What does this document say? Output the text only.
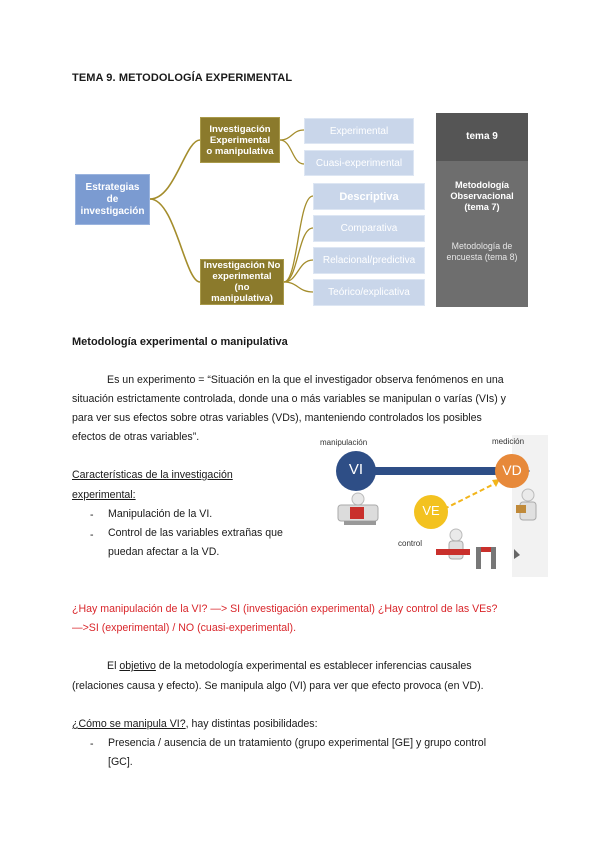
TEMA 9. METODOLOGÍA EXPERIMENTAL
Estrategias
de
investigación
Investigación
Experimental
o manipulativa
Investigación No
experimental
(no
manipulativa)
Experimental
Cuasi-experimental
Descriptiva
Comparativa
Relacional/predictiva
Teórico/explicativa
tema 9
Metodología
Observacional
(tema 7)
Metodología de
encuesta (tema 8)
Metodología experimental o manipulativa
Es un experimento = “Situación en la que el investigador observa fenómenos en una
situación estrictamente controlada, donde una o más variables se manipulan o varías (VIs) y
para ver sus efectos sobre otras variables (VDs), manteniendo controlados los posibles
efectos de otras variables”.
Características de la investigación
experimental:
- Manipulación de la VI.
- Control de las variables extrañas que
puedan afectar a la VD.
manipulación	medición
control
VI	VD
VE
¿Hay manipulación de la VI? —> SI (investigación experimental) ¿Hay control de las VEs?
—>SI (experimental) / NO (cuasi-experimental).
El objetivo de la metodología experimental es establecer inferencias causales
(relaciones causa y efecto). Se manipula algo (VI) para ver que efecto provoca (en VD).
¿Cómo se manipula VI?, hay distintas posibilidades:
- Presencia / ausencia de un tratamiento (grupo experimental [GE] y grupo control
[GC].
